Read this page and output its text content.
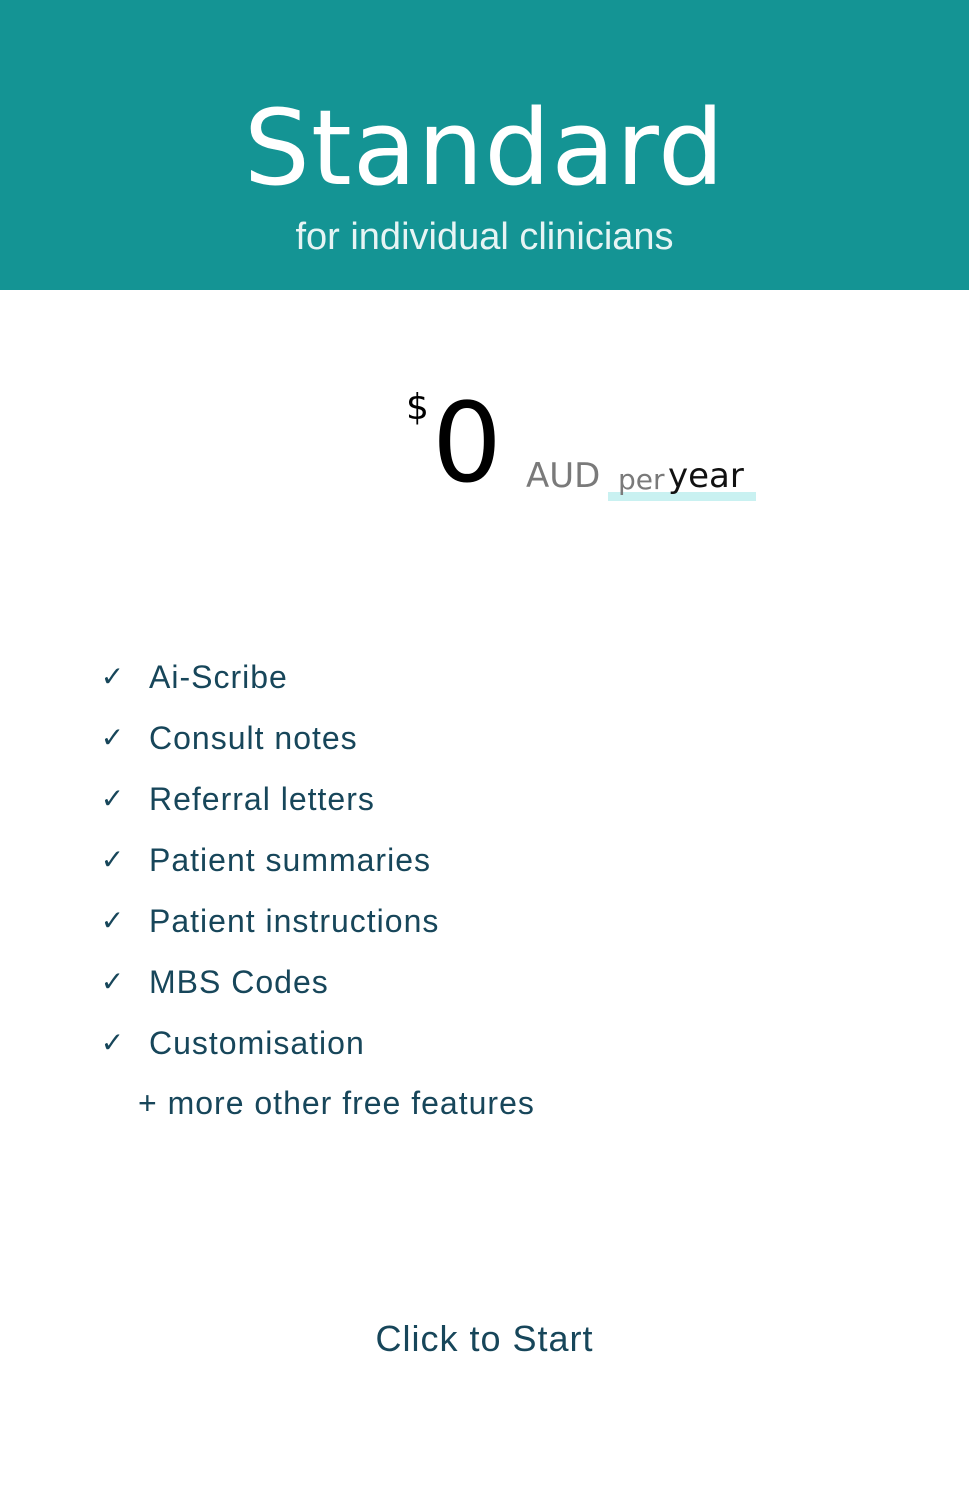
Standard
for individual clinicians
$ 0 AUD per year
✓ Ai-Scribe
✓ Consult notes
✓ Referral letters
✓ Patient summaries
✓ Patient instructions
✓ MBS Codes
✓ Customisation
+ more other free features
Click to Start
